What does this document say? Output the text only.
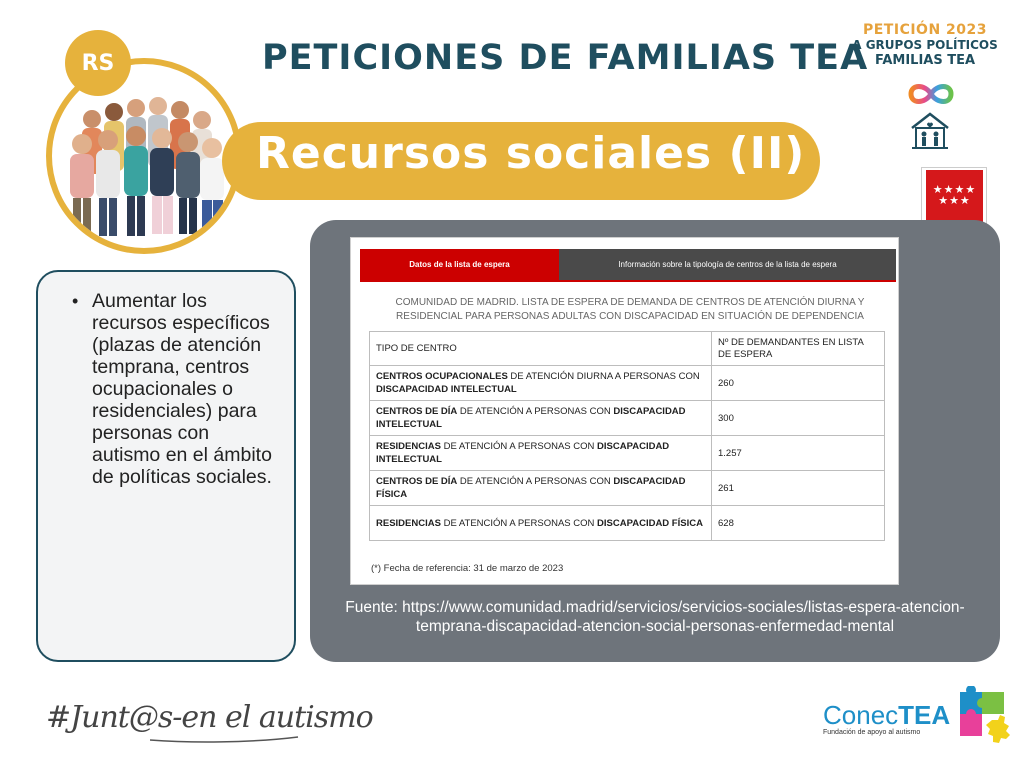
PETICIONES DE FAMILIAS TEA
PETICIÓN 2023
A GRUPOS POLÍTICOS
FAMILIAS TEA
★★★★
★★★

Recursos sociales (II)
RS
• Aumentar los recursos específicos (plazas de atención temprana, centros ocupacionales o residenciales) para personas con autismo en el ámbito de políticas sociales.
Datos de la lista de espera	Información sobre la tipología de centros de la lista de espera
COMUNIDAD DE MADRID. LISTA DE ESPERA DE DEMANDA DE CENTROS DE ATENCIÓN DIURNA Y RESIDENCIAL PARA PERSONAS ADULTAS CON DISCAPACIDAD EN SITUACIÓN DE DEPENDENCIA
TIPO DE CENTRO	Nº DE DEMANDANTES EN LISTA DE ESPERA
CENTROS OCUPACIONALES DE ATENCIÓN DIURNA A PERSONAS CON DISCAPACIDAD INTELECTUAL	260
CENTROS DE DÍA DE ATENCIÓN A PERSONAS CON DISCAPACIDAD INTELECTUAL	300
RESIDENCIAS DE ATENCIÓN A PERSONAS CON DISCAPACIDAD INTELECTUAL	1.257
CENTROS DE DÍA DE ATENCIÓN A PERSONAS CON DISCAPACIDAD FÍSICA	261
RESIDENCIAS DE ATENCIÓN A PERSONAS CON DISCAPACIDAD FÍSICA	628
(*) Fecha de referencia: 31 de marzo de 2023
Fuente: https://www.comunidad.madrid/servicios/servicios-sociales/listas-espera-atencion-temprana-discapacidad-atencion-social-personas-enfermedad-mental
#Junt@s-en el autismo	ConecTEA
Fundación de apoyo al autismo
